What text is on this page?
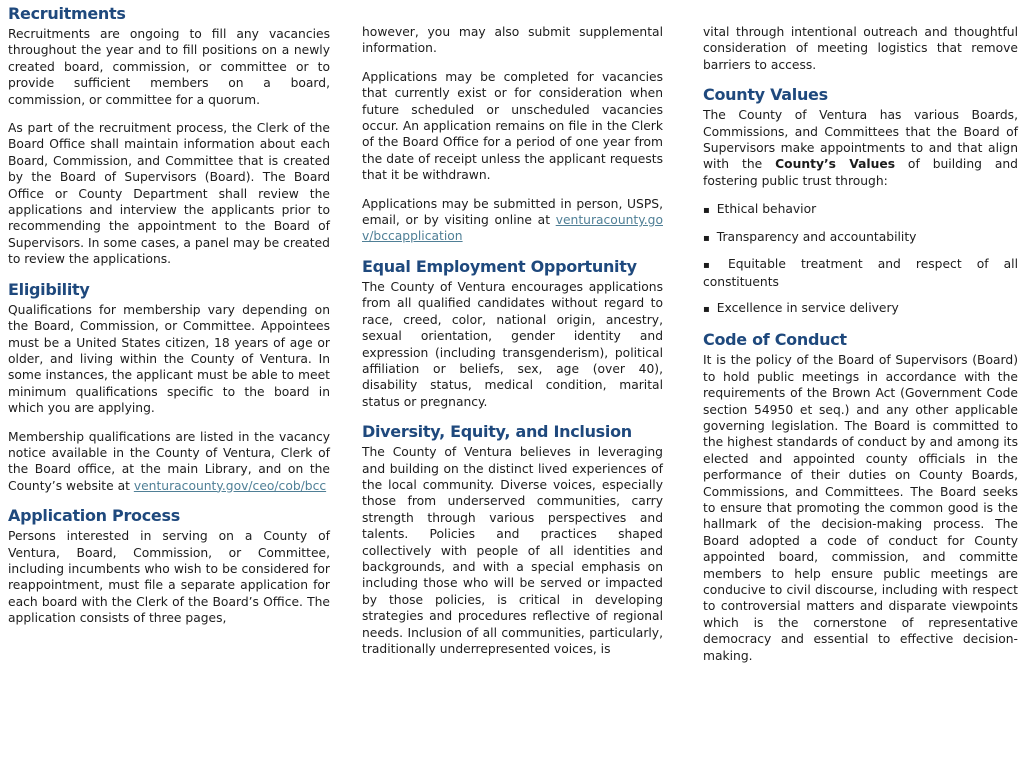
Recruitments

Recruitments are ongoing to fill any vacancies throughout the year and to fill positions on a newly created board, commission, or committee or to provide sufficient members on a board, commission, or committee for a quorum.

As part of the recruitment process, the Clerk of the Board Office shall maintain information about each Board, Commission, and Committee that is created by the Board of Supervisors (Board). The Board Office or County Department shall review the applications and interview the applicants prior to recommending the appointment to the Board of Supervisors. In some cases, a panel may be created to review the applications.

Eligibility

Qualifications for membership vary depending on the Board, Commission, or Committee. Appointees must be a United States citizen, 18 years of age or older, and living within the County of Ventura. In some instances, the applicant must be able to meet minimum qualifications specific to the board in which you are applying.

Membership qualifications are listed in the vacancy notice available in the County of Ventura, Clerk of the Board office, at the main Library, and on the County’s website at venturacounty.gov/ceo/cob/bcc

Application Process

Persons interested in serving on a County of Ventura, Board, Commission, or Committee, including incumbents who wish to be considered for reappointment, must file a separate application for each board with the Clerk of the Board’s Office. The application consists of three pages,

however, you may also submit supplemental information.

Applications may be completed for vacancies that currently exist or for consideration when future scheduled or unscheduled vacancies occur. An application remains on file in the Clerk of the Board Office for a period of one year from the date of receipt unless the applicant requests that it be withdrawn.

Applications may be submitted in person, USPS, email, or by visiting online at venturacounty.gov/bccapplication

Equal Employment Opportunity

The County of Ventura encourages applications from all qualified candidates without regard to race, creed, color, national origin, ancestry, sexual orientation, gender identity and expression (including transgenderism), political affiliation or beliefs, sex, age (over 40), disability status, medical condition, marital status or pregnancy.

Diversity, Equity, and Inclusion

The County of Ventura believes in leveraging and building on the distinct lived experiences of the local community. Diverse voices, especially those from underserved communities, carry strength through various perspectives and talents. Policies and practices shaped collectively with people of all identities and backgrounds, and with a special emphasis on including those who will be served or impacted by those policies, is critical in developing strategies and procedures reflective of regional needs. Inclusion of all communities, particularly, traditionally underrepresented voices, is

vital through intentional outreach and thoughtful consideration of meeting logistics that remove barriers to access.

County Values

The County of Ventura has various Boards, Commissions, and Committees that the Board of Supervisors make appointments to and that align with the County’s Values of building and fostering public trust through:

▪ Ethical behavior
▪ Transparency and accountability
▪ Equitable treatment and respect of all constituents
▪ Excellence in service delivery
Code of Conduct

It is the policy of the Board of Supervisors (Board) to hold public meetings in accordance with the requirements of the Brown Act (Government Code section 54950 et seq.) and any other applicable governing legislation. The Board is committed to the highest standards of conduct by and among its elected and appointed county officials in the performance of their duties on County Boards, Commissions, and Committees. The Board seeks to ensure that promoting the common good is the hallmark of the decision-making process. The Board adopted a code of conduct for County appointed board, commission, and committe members to help ensure public meetings are conducive to civil discourse, including with respect to controversial matters and disparate viewpoints which is the cornerstone of representative democracy and essential to effective decision-making.
